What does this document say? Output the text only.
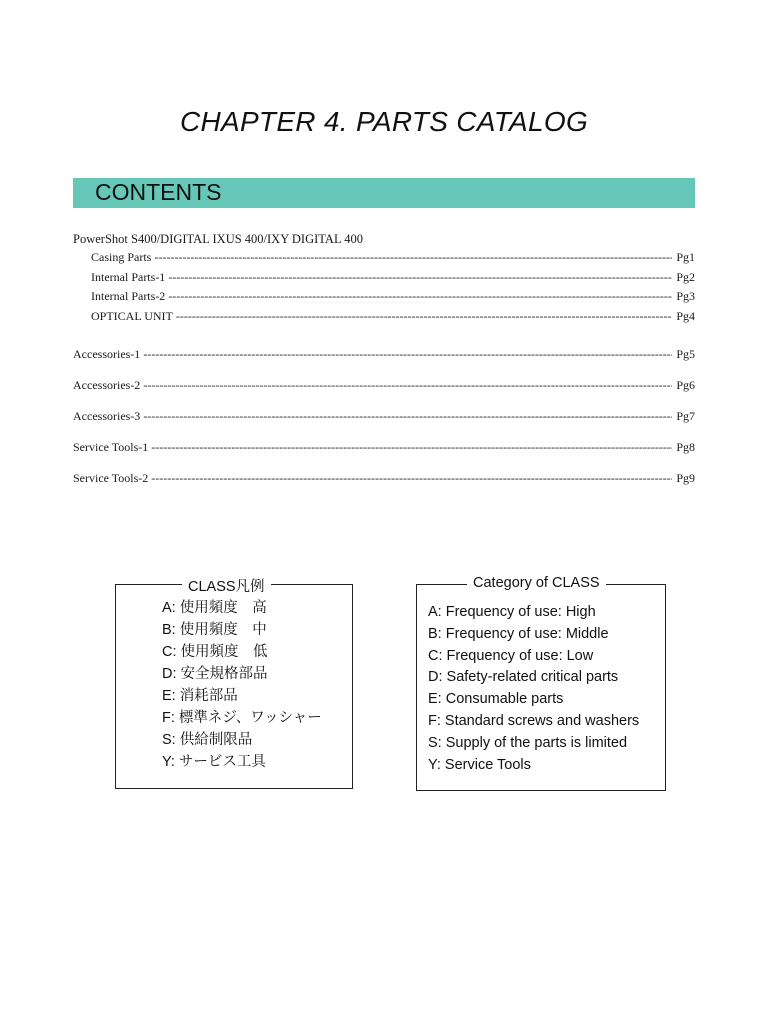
CHAPTER 4. PARTS CATALOG
CONTENTS
PowerShot S400/DIGITAL IXUS 400/IXY DIGITAL 400
Casing Parts -----	Pg1
Internal Parts-1 -----	Pg2
Internal Parts-2 -----	Pg3
OPTICAL UNIT -----	Pg4
Accessories-1 -----	Pg5
Accessories-2 -----	Pg6
Accessories-3 -----	Pg7
Service Tools-1 -----	Pg8
Service Tools-2 -----	Pg9
CLASS凡例
A: 使用頻度　高
B: 使用頻度　中
C: 使用頻度　低
D: 安全規格部品
E: 消耗部品
F: 標準ネジ、ワッシャー
S: 供給制限品
Y: サービス工具
Category of CLASS
A: Frequency of use: High
B: Frequency of use: Middle
C: Frequency of use: Low
D: Safety-related critical parts
E: Consumable parts
F: Standard screws and washers
S: Supply of the parts is limited
Y: Service Tools
